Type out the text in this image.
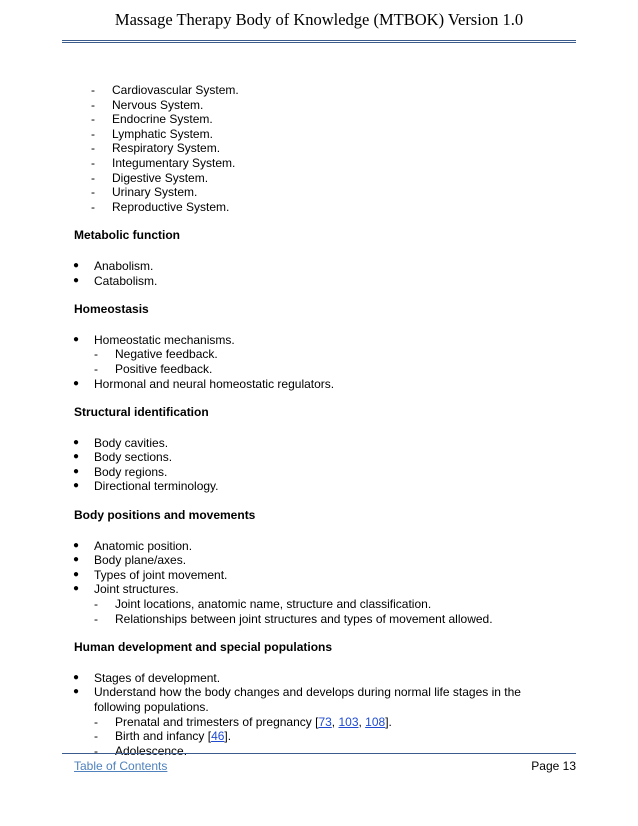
Massage Therapy Body of Knowledge (MTBOK) Version 1.0
- Cardiovascular System.
- Nervous System.
- Endocrine System.
- Lymphatic System.
- Respiratory System.
- Integumentary System.
- Digestive System.
- Urinary System.
- Reproductive System.
Metabolic function
● Anabolism.
● Catabolism.
Homeostasis
● Homeostatic mechanisms.
- Negative feedback.
- Positive feedback.
● Hormonal and neural homeostatic regulators.
Structural identification
● Body cavities.
● Body sections.
● Body regions.
● Directional terminology.
Body positions and movements
● Anatomic position.
● Body plane/axes.
● Types of joint movement.
● Joint structures.
- Joint locations, anatomic name, structure and classification.
- Relationships between joint structures and types of movement allowed.
Human development and special populations
● Stages of development.
● Understand how the body changes and develops during normal life stages in the following populations.
- Prenatal and trimesters of pregnancy [73, 103, 108].
- Birth and infancy [46].
- Adolescence.
Table of Contents	Page 13
